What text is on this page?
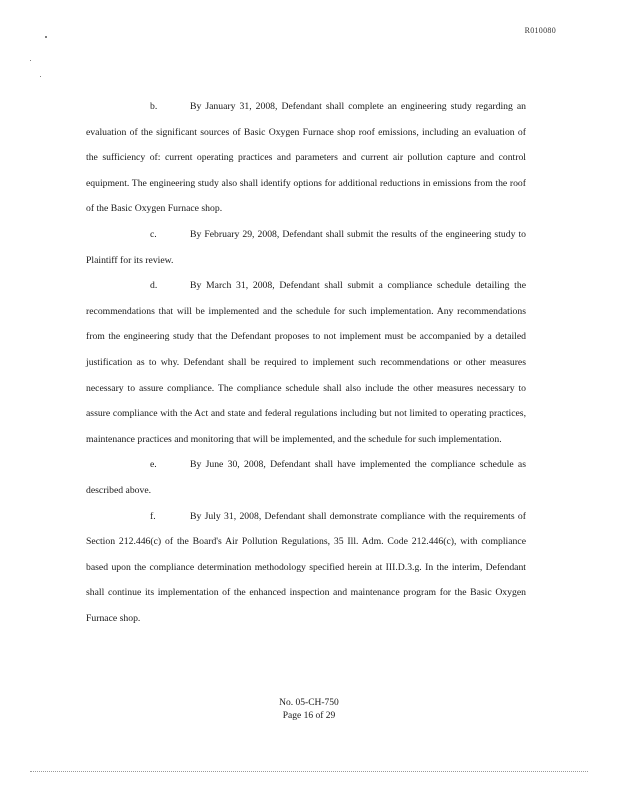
R010080

b.	By January 31, 2008, Defendant shall complete an engineering study regarding an evaluation of the significant sources of Basic Oxygen Furnace shop roof emissions, including an evaluation of the sufficiency of: current operating practices and parameters and current air pollution capture and control equipment. The engineering study also shall identify options for additional reductions in emissions from the roof of the Basic Oxygen Furnace shop.

c.	By February 29, 2008, Defendant shall submit the results of the engineering study to Plaintiff for its review.

d.	By March 31, 2008, Defendant shall submit a compliance schedule detailing the recommendations that will be implemented and the schedule for such implementation. Any recommendations from the engineering study that the Defendant proposes to not implement must be accompanied by a detailed justification as to why. Defendant shall be required to implement such recommendations or other measures necessary to assure compliance. The compliance schedule shall also include the other measures necessary to assure compliance with the Act and state and federal regulations including but not limited to operating practices, maintenance practices and monitoring that will be implemented, and the schedule for such implementation.

e.	By June 30, 2008, Defendant shall have implemented the compliance schedule as described above.

f.	By July 31, 2008, Defendant shall demonstrate compliance with the requirements of Section 212.446(c) of the Board's Air Pollution Regulations, 35 Ill. Adm. Code 212.446(c), with compliance based upon the compliance determination methodology specified herein at III.D.3.g. In the interim, Defendant shall continue its implementation of the enhanced inspection and maintenance program for the Basic Oxygen Furnace shop.

No. 05-CH-750
Page 16 of 29
